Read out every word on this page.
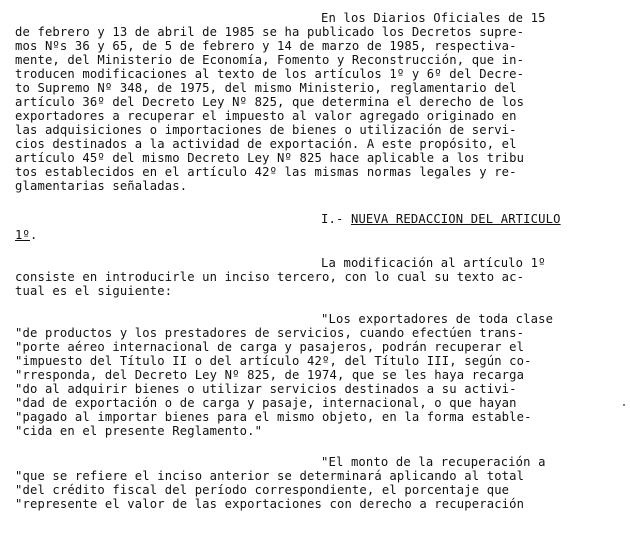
En los Diarios Oficiales de 15
de febrero y 13 de abril de 1985 se ha publicado los Decretos supre-
mos Nºs 36 y 65, de 5 de febrero y 14 de marzo de 1985, respectiva-
mente, del Ministerio de Economía, Fomento y Reconstrucción, que in-
troducen modificaciones al texto de los artículos 1º y 6º del Decre-
to Supremo Nº 348, de 1975, del mismo Ministerio, reglamentario del
artículo 36º del Decreto Ley Nº 825, que determina el derecho de los
exportadores a recuperar el impuesto al valor agregado originado en
las adquisiciones o importaciones de bienes o utilización de servi-
cios destinados a la actividad de exportación. A este propósito, el
artículo 45º del mismo Decreto Ley Nº 825 hace aplicable a los tribu
tos establecidos en el artículo 42º las mismas normas legales y re-
glamentarias señaladas.
I.- NUEVA REDACCION DEL ARTICULO
1º.
La modificación al artículo 1º
consiste en introducirle un inciso tercero, con lo cual su texto ac-
tual es el siguiente:
"Los exportadores de toda clase
"de productos y los prestadores de servicios, cuando efectúen trans-
"porte aéreo internacional de carga y pasajeros, podrán recuperar el
"impuesto del Título II o del artículo 42º, del Título III, según co-
"rresponda, del Decreto Ley Nº 825, de 1974, que se les haya recarga
"do al adquirir bienes o utilizar servicios destinados a su activi-
"dad de exportación o de carga y pasaje, internacional, o que hayan
"pagado al importar bienes para el mismo objeto, en la forma estable-
"cida en el presente Reglamento."
"El monto de la recuperación a
"que se refiere el inciso anterior se determinará aplicando al total
"del crédito fiscal del período correspondiente, el porcentaje que
"represente el valor de las exportaciones con derecho a recuperación
